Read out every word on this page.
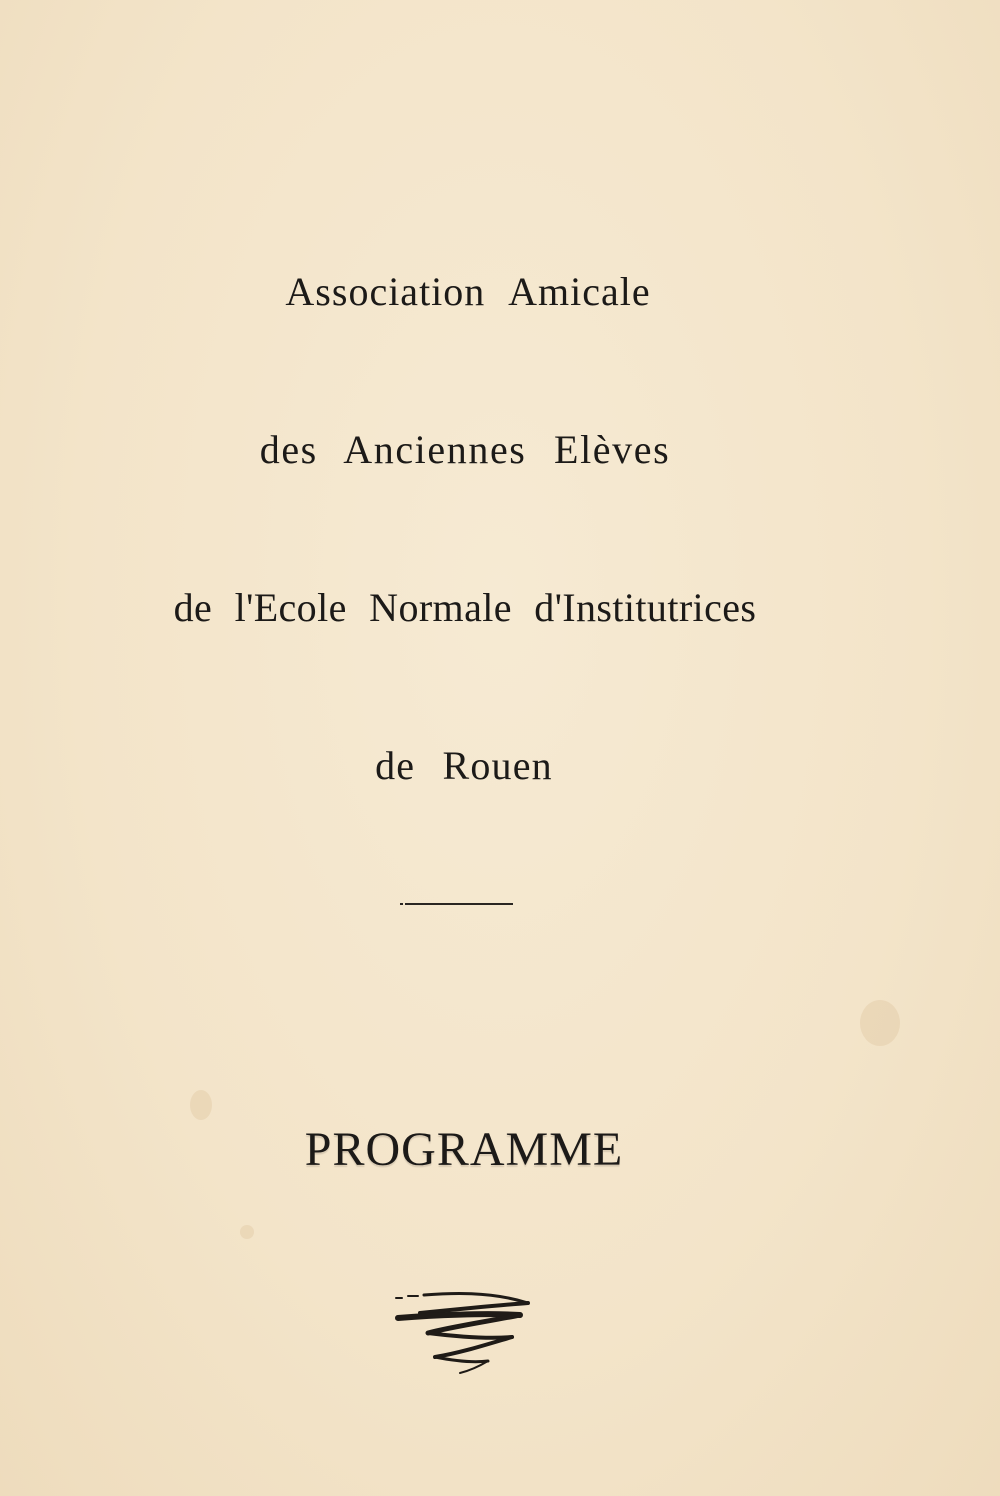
Association Amicale
des Anciennes Elèves
de l'Ecole Normale d'Institutrices
de Rouen
PROGRAMME
